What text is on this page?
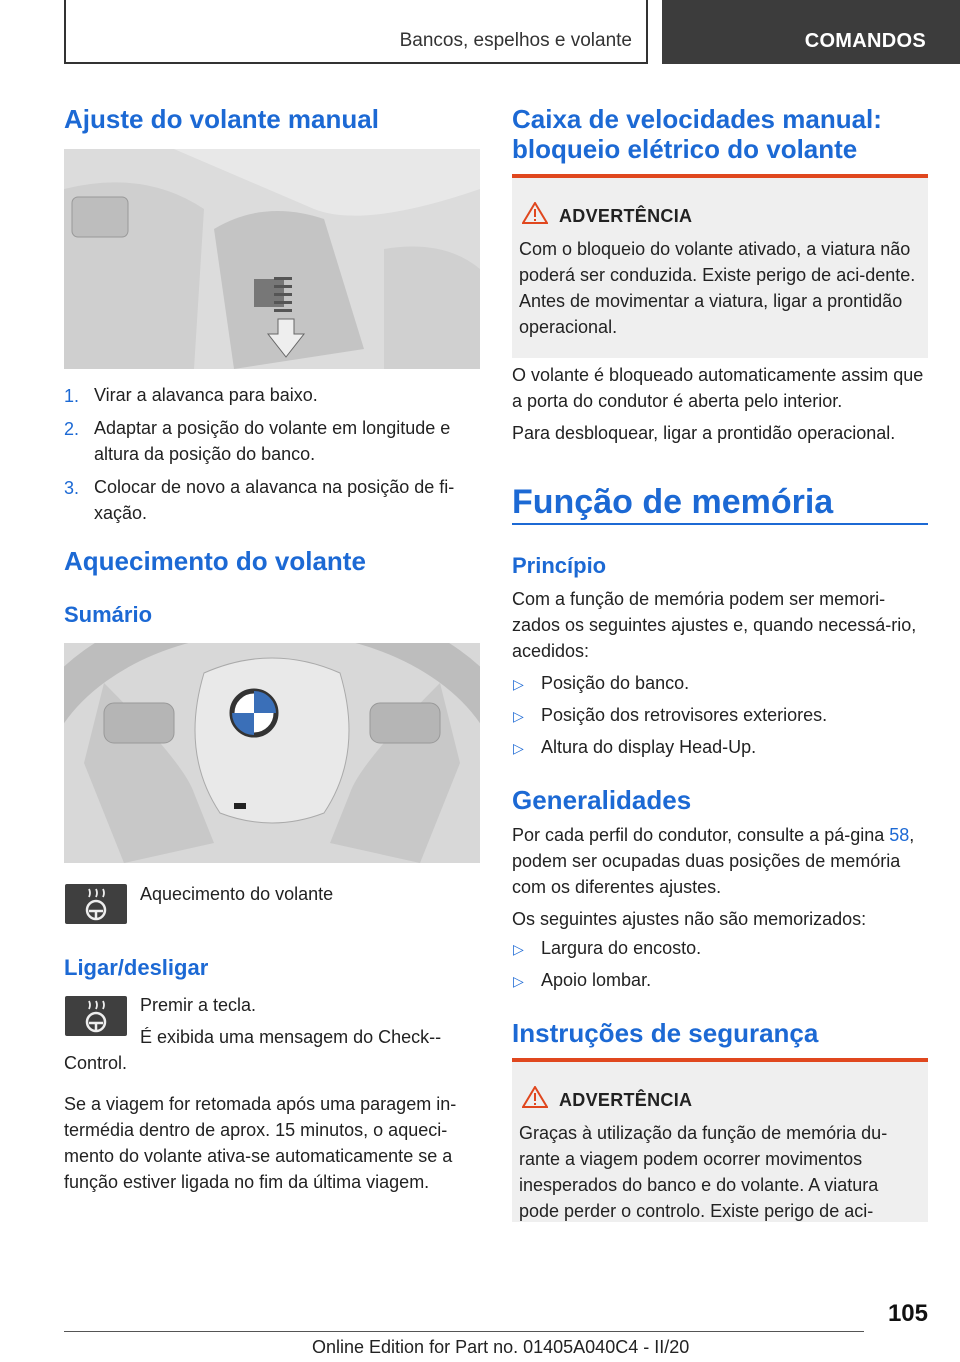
Bancos, espelhos e volante	COMANDOS
Ajuste do volante manual
1. Virar a alavanca para baixo.
2. Adaptar a posição do volante em longitude e altura da posição do banco.
3. Colocar de novo a alavanca na posição de fi-xação.
Aquecimento do volante
Sumário
Aquecimento do volante
Ligar/desligar
Premir a tecla.
É exibida uma mensagem do Check--Control.
Se a viagem for retomada após uma paragem in-termédia dentro de aprox. 15 minutos, o aqueci-mento do volante ativa-se automaticamente se a função estiver ligada no fim da última viagem.
Caixa de velocidades manual: bloqueio elétrico do volante
ADVERTÊNCIA
Com o bloqueio do volante ativado, a viatura não poderá ser conduzida. Existe perigo de aci-dente. Antes de movimentar a viatura, ligar a prontidão operacional.
O volante é bloqueado automaticamente assim que a porta do condutor é aberta pelo interior.
Para desbloquear, ligar a prontidão operacional.
Função de memória
Princípio
Com a função de memória podem ser memori-zados os seguintes ajustes e, quando necessá-rio, acedidos:
▷ Posição do banco.
▷ Posição dos retrovisores exteriores.
▷ Altura do display Head-Up.
Generalidades
Por cada perfil do condutor, consulte a pá-gina 58, podem ser ocupadas duas posições de memória com os diferentes ajustes.
Os seguintes ajustes não são memorizados:
▷ Largura do encosto.
▷ Apoio lombar.
Instruções de segurança
ADVERTÊNCIA
Graças à utilização da função de memória du-rante a viagem podem ocorrer movimentos inesperados do banco e do volante. A viatura pode perder o controlo. Existe perigo de aci-
105
Online Edition for Part no. 01405A040C4 - II/20
